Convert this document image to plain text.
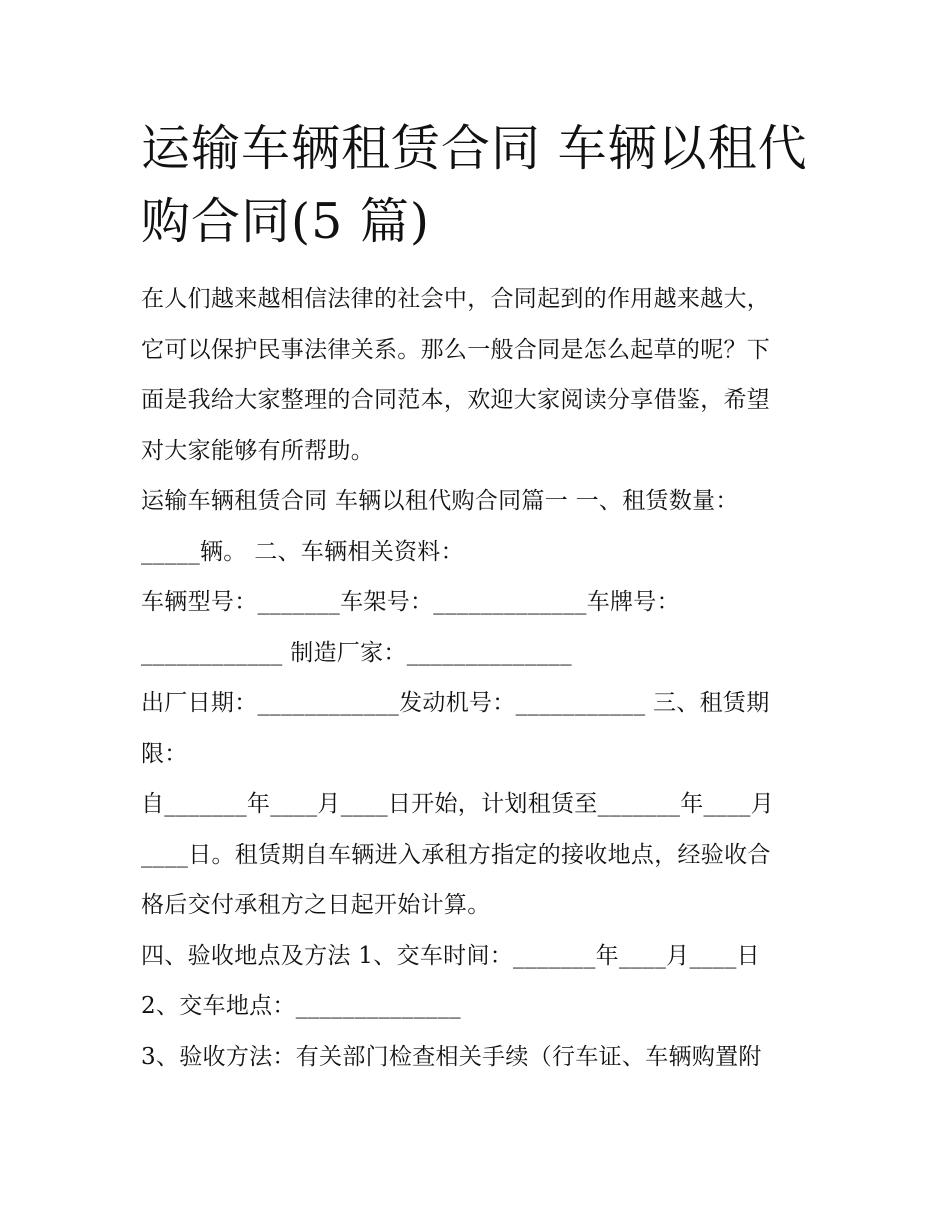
运输车辆租赁合同 车辆以租代
购合同(5 篇)
在人们越来越相信法律的社会中，合同起到的作用越来越大，
它可以保护民事法律关系。那么一般合同是怎么起草的呢？下
面是我给大家整理的合同范本，欢迎大家阅读分享借鉴，希望
对大家能够有所帮助。
运输车辆租赁合同 车辆以租代购合同篇一 一、租赁数量：
_____辆。 二、车辆相关资料：
车辆型号：_______车架号：_____________车牌号：
____________ 制造厂家：______________
出厂日期：____________发动机号：___________ 三、租赁期
限：
自_______年____月____日开始，计划租赁至_______年____月
____日。租赁期自车辆进入承租方指定的接收地点，经验收合
格后交付承租方之日起开始计算。
四、验收地点及方法 1、交车时间：_______年____月____日
2、交车地点：______________
3、验收方法：有关部门检查相关手续（行车证、车辆购置附
